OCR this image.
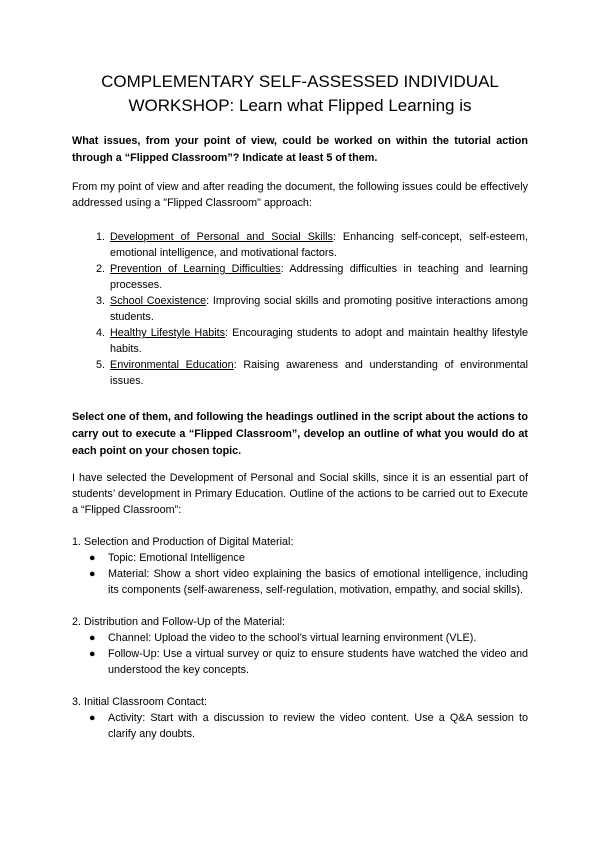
COMPLEMENTARY SELF-ASSESSED INDIVIDUAL
WORKSHOP: Learn what Flipped Learning is

What issues, from your point of view, could be worked on within the tutorial action through a “Flipped Classroom”? Indicate at least 5 of them.

From my point of view and after reading the document, the following issues could be effectively addressed using a "Flipped Classroom" approach:

1. Development of Personal and Social Skills: Enhancing self-concept, self-esteem, emotional intelligence, and motivational factors.
2. Prevention of Learning Difficulties: Addressing difficulties in teaching and learning processes.
3. School Coexistence: Improving social skills and promoting positive interactions among students.
4. Healthy Lifestyle Habits: Encouraging students to adopt and maintain healthy lifestyle habits.
5. Environmental Education: Raising awareness and understanding of environmental issues.

Select one of them, and following the headings outlined in the script about the actions to carry out to execute a “Flipped Classroom”, develop an outline of what you would do at each point on your chosen topic.

I have selected the Development of Personal and Social skills, since it is an essential part of students’ development in Primary Education. Outline of the actions to be carried out to Execute a “Flipped Classroom”:

1. Selection and Production of Digital Material:

● Topic: Emotional Intelligence
● Material: Show a short video explaining the basics of emotional intelligence, including its components (self-awareness, self-regulation, motivation, empathy, and social skills).

2. Distribution and Follow-Up of the Material:

● Channel: Upload the video to the school’s virtual learning environment (VLE).
● Follow-Up: Use a virtual survey or quiz to ensure students have watched the video and understood the key concepts.

3. Initial Classroom Contact:

● Activity: Start with a discussion to review the video content. Use a Q&A session to clarify any doubts.
